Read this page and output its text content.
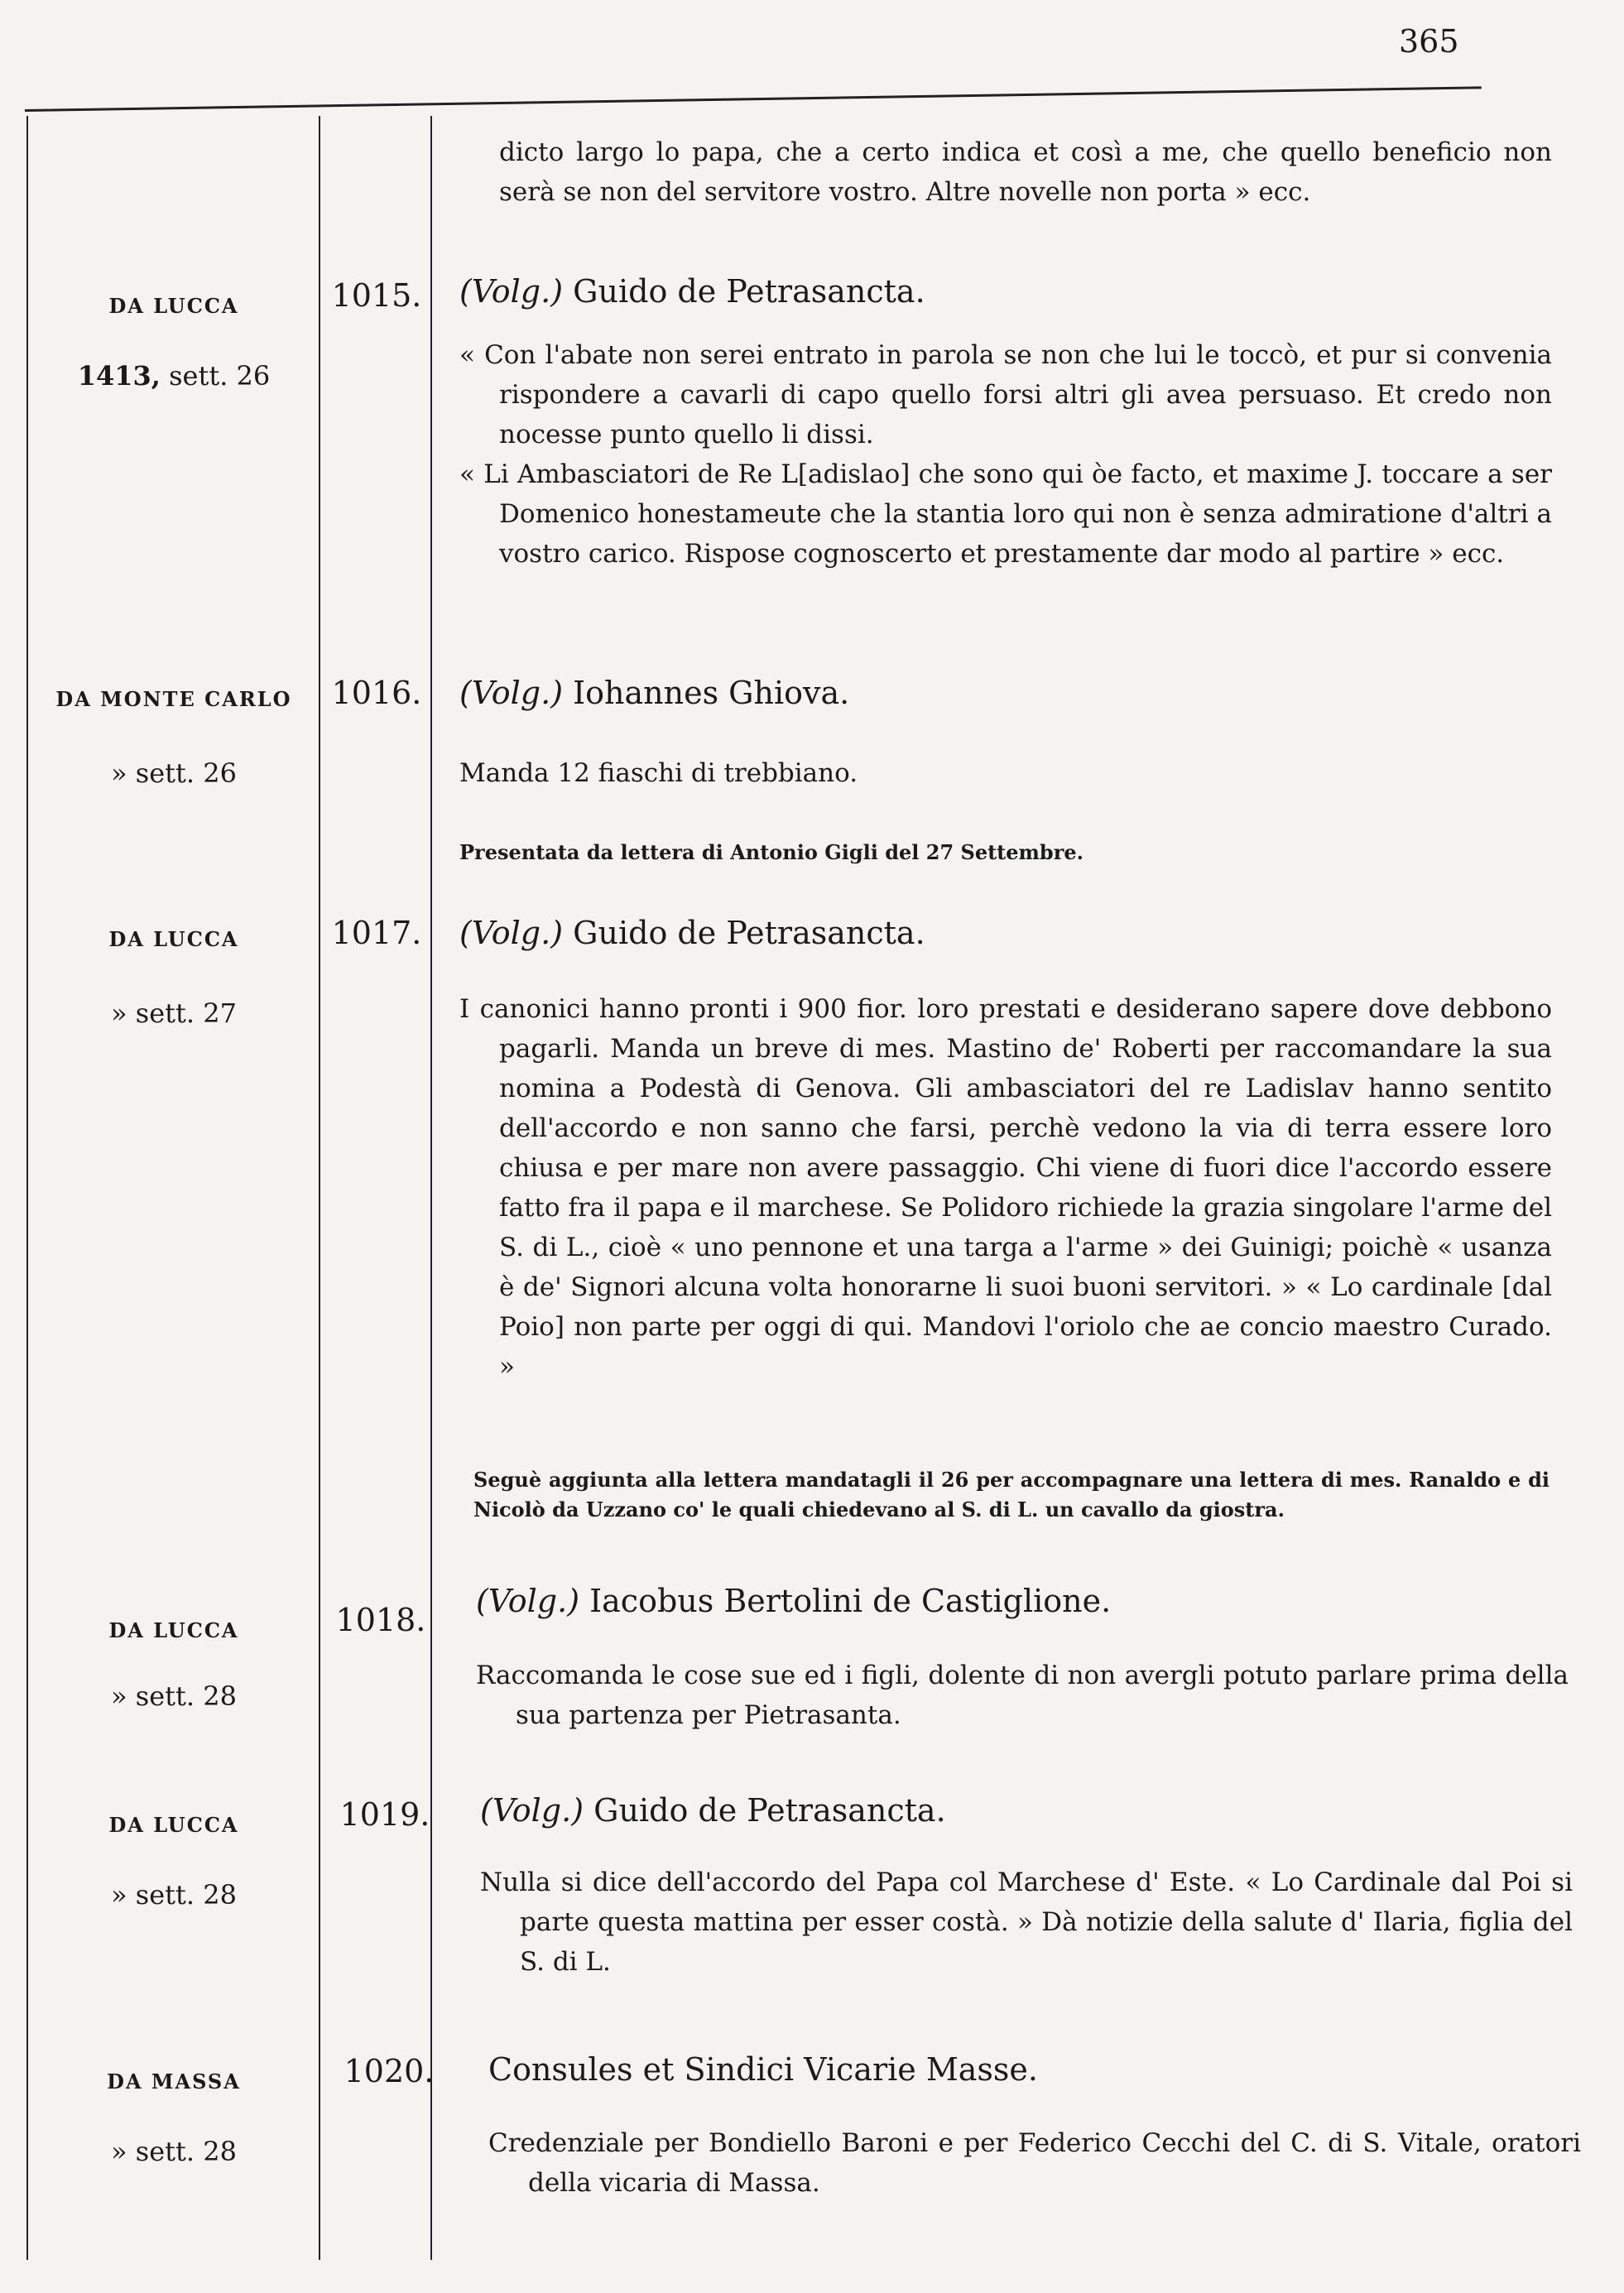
365
dicto largo lo papa, che a certo indica et così a me, che quello beneficio non serà se non del servitore vostro. Altre novelle non porta » ecc.
DA LUCCA
1413, sett. 26
1015. (Volg.) Guido de Petrasancta.
« Con l'abate non serei entrato in parola se non che lui le toccò, et pur si convenia rispondere a cavarli di capo quello forsi altri gli avea persuaso. Et credo non nocesse punto quello li dissi.
« Li Ambasciatori de Re L[adislao] che sono qui òe facto, et maxime J. toccare a ser Domenico honestameute che la stantia loro qui non è senza admiratione d'altri a vostro carico. Rispose cognoscerto et prestamente dar modo al partire » ecc.
DA MONTE CARLO
» sett. 26
1016. (Volg.) Iohannes Ghiova.
Manda 12 fiaschi di trebbiano.
Presentata da lettera di Antonio Gigli del 27 Settembre.
DA LUCCA
» sett. 27
1017. (Volg.) Guido de Petrasancta.
I canonici hanno pronti i 900 fior. loro prestati e desiderano sapere dove debbono pagarli. Manda un breve di mes. Mastino de' Roberti per raccomandare la sua nomina a Podestà di Genova. Gli ambasciatori del re Ladislav hanno sentito dell'accordo e non sanno che farsi, perchè vedono la via di terra essere loro chiusa e per mare non avere passaggio. Chi viene di fuori dice l'accordo essere fatto fra il papa e il marchese. Se Polidoro richiede la grazia singolare l'arme del S. di L., cioè « uno pennone et una targa a l'arme » dei Guinigi; poichè « usanza è de' Signori alcuna volta honorarne li suoi buoni servitori. » « Lo cardinale [dal Poio] non parte per oggi di qui. Mandovi l'oriolo che ae concio maestro Curado. »
Seguè aggiunta alla lettera mandatagli il 26 per accompagnare una lettera di mes. Ranaldo e di Nicolò da Uzzano co' le quali chiedevano al S. di L. un cavallo da giostra.
DA LUCCA
» sett. 28
1018.
(Volg.) Iacobus Bertolini de Castiglione.
Raccomanda le cose sue ed i figli, dolente di non avergli potuto parlare prima della sua partenza per Pietrasanta.
DA LUCCA
» sett. 28
1019. (Volg.) Guido de Petrasancta.
Nulla si dice dell'accordo del Papa col Marchese d' Este. « Lo Cardinale dal Poi si parte questa mattina per esser costà. » Dà notizie della salute d' Ilaria, figlia del S. di L.
DA MASSA
» sett. 28
1020. Consules et Sindici Vicarie Masse.
Credenziale per Bondiello Baroni e per Federico Cecchi del C. di S. Vitale, oratori della vicaria di Massa.
